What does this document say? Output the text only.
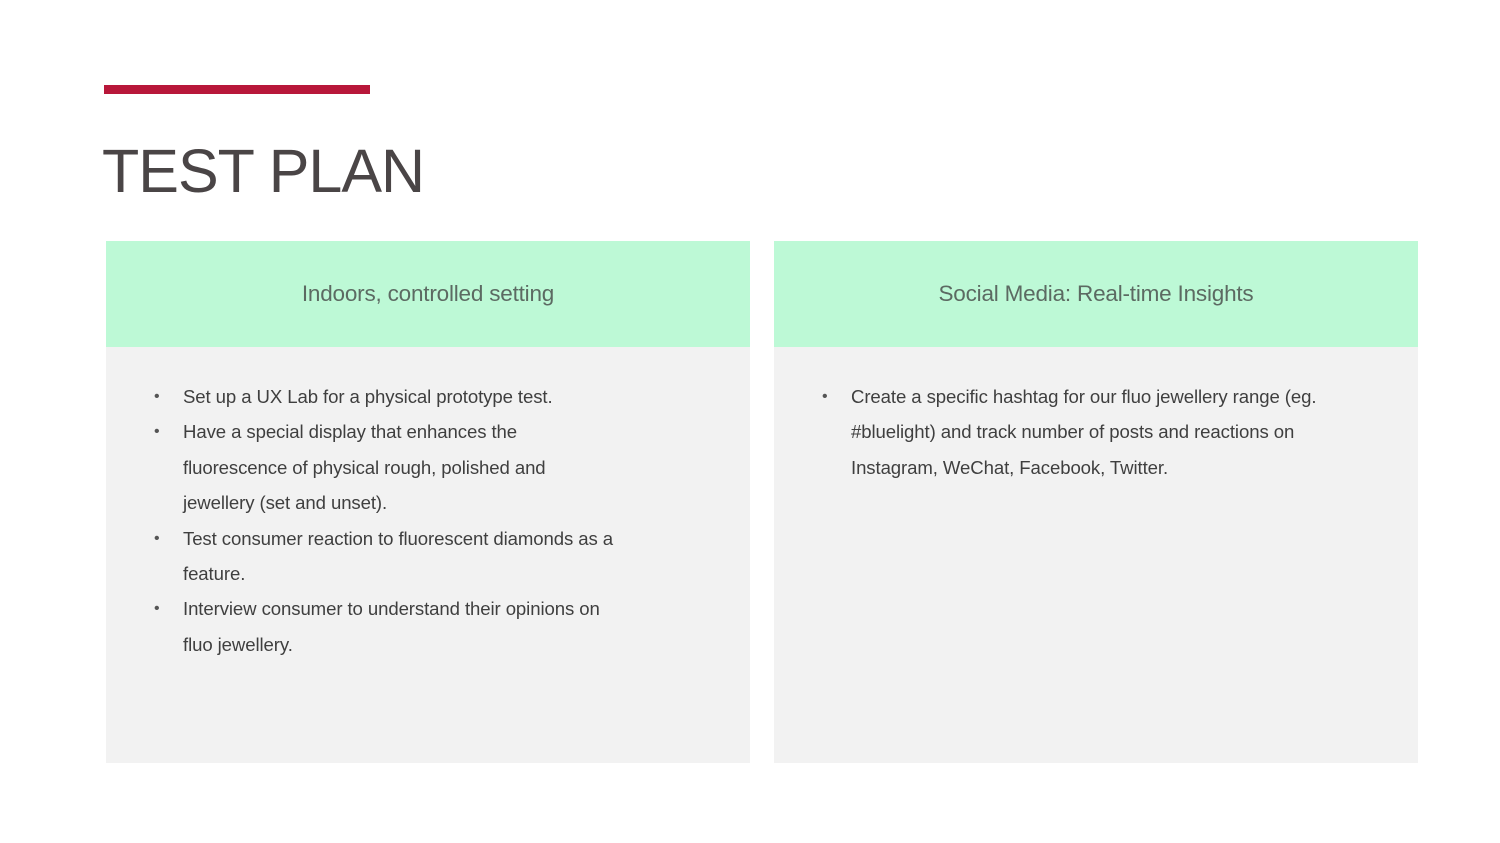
TEST PLAN
Indoors, controlled setting
• Set up a UX Lab for a physical prototype test.
• Have a special display that enhances the fluorescence of physical rough, polished and jewellery (set and unset).
• Test consumer reaction to fluorescent diamonds as a feature.
• Interview consumer to understand their opinions on fluo jewellery.
Social Media: Real-time Insights
• Create a specific hashtag for our fluo jewellery range (eg. #bluelight) and track number of posts and reactions on Instagram, WeChat, Facebook, Twitter.
